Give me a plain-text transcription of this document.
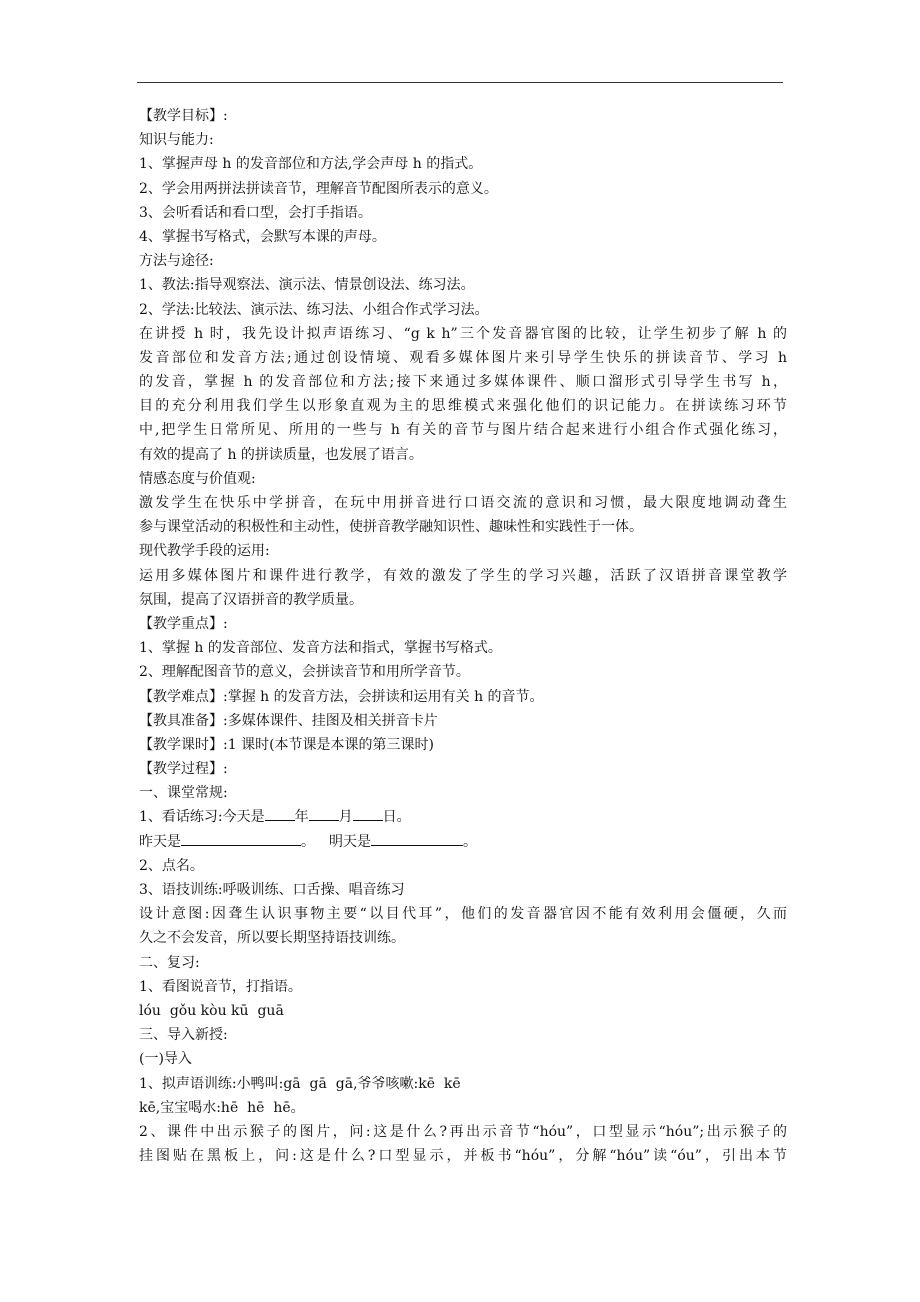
【教学目标】:
知识与能力:
1、掌握声母 h 的发音部位和方法,学会声母 h 的指式。
2、学会用两拼法拼读音节，理解音节配图所表示的意义。
3、会听看话和看口型，会打手指语。
4、掌握书写格式，会默写本课的声母。
方法与途径:
1、教法:指导观察法、演示法、情景创设法、练习法。
2、学法:比较法、演示法、练习法、小组合作式学习法。
在讲授 h 时，我先设计拟声语练习、“g k h”三个发音器官图的比较，让学生初步了解 h 的
发音部位和发音方法;通过创设情境、观看多媒体图片来引导学生快乐的拼读音节、学习 h
的发音，掌握 h 的发音部位和方法;接下来通过多媒体课件、顺口溜形式引导学生书写 h，
目的充分利用我们学生以形象直观为主的思维模式来强化他们的识记能力。在拼读练习环节
中,把学生日常所见、所用的一些与 h 有关的音节与图片结合起来进行小组合作式强化练习，
有效的提高了 h 的拼读质量，也发展了语言。
情感态度与价值观:
激发学生在快乐中学拼音，在玩中用拼音进行口语交流的意识和习惯，最大限度地调动聋生
参与课堂活动的积极性和主动性，使拼音教学融知识性、趣味性和实践性于一体。
现代教学手段的运用:
运用多媒体图片和课件进行教学，有效的激发了学生的学习兴趣，活跃了汉语拼音课堂教学
氛围，提高了汉语拼音的教学质量。
【教学重点】:
1、掌握 h 的发音部位、发音方法和指式，掌握书写格式。
2、理解配图音节的意义，会拼读音节和用所学音节。
【教学难点】:掌握 h 的发音方法，会拼读和运用有关 h 的音节。
【教具准备】:多媒体课件、挂图及相关拼音卡片
【教学课时】:1 课时(本节课是本课的第三课时)
【教学过程】:
一、课堂常规:
1、看话练习:今天是 年 月 日。
昨天是	。 明天是	。
2、点名。
3、语技训练:呼吸训练、口舌操、唱音练习
设计意图:因聋生认识事物主要“以目代耳”，他们的发音器官因不能有效利用会僵硬，久而
久之不会发音，所以要长期坚持语技训练。
二、复习:
1、看图说音节，打指语。
lóu  gǒu kòu kū  guā
三、导入新授:
(一)导入
1、拟声语训练:小鸭叫:gā  gā  gā,爷爷咳嗽:kē  kē
kē,宝宝喝水:hē  hē  hē。
2、课件中出示猴子的图片，问:这是什么?再出示音节“hóu”，口型显示“hóu”;出示猴子的
挂图贴在黑板上，问:这是什么?口型显示，并板书“hóu”，分解“hóu”读“óu”，引出本节
